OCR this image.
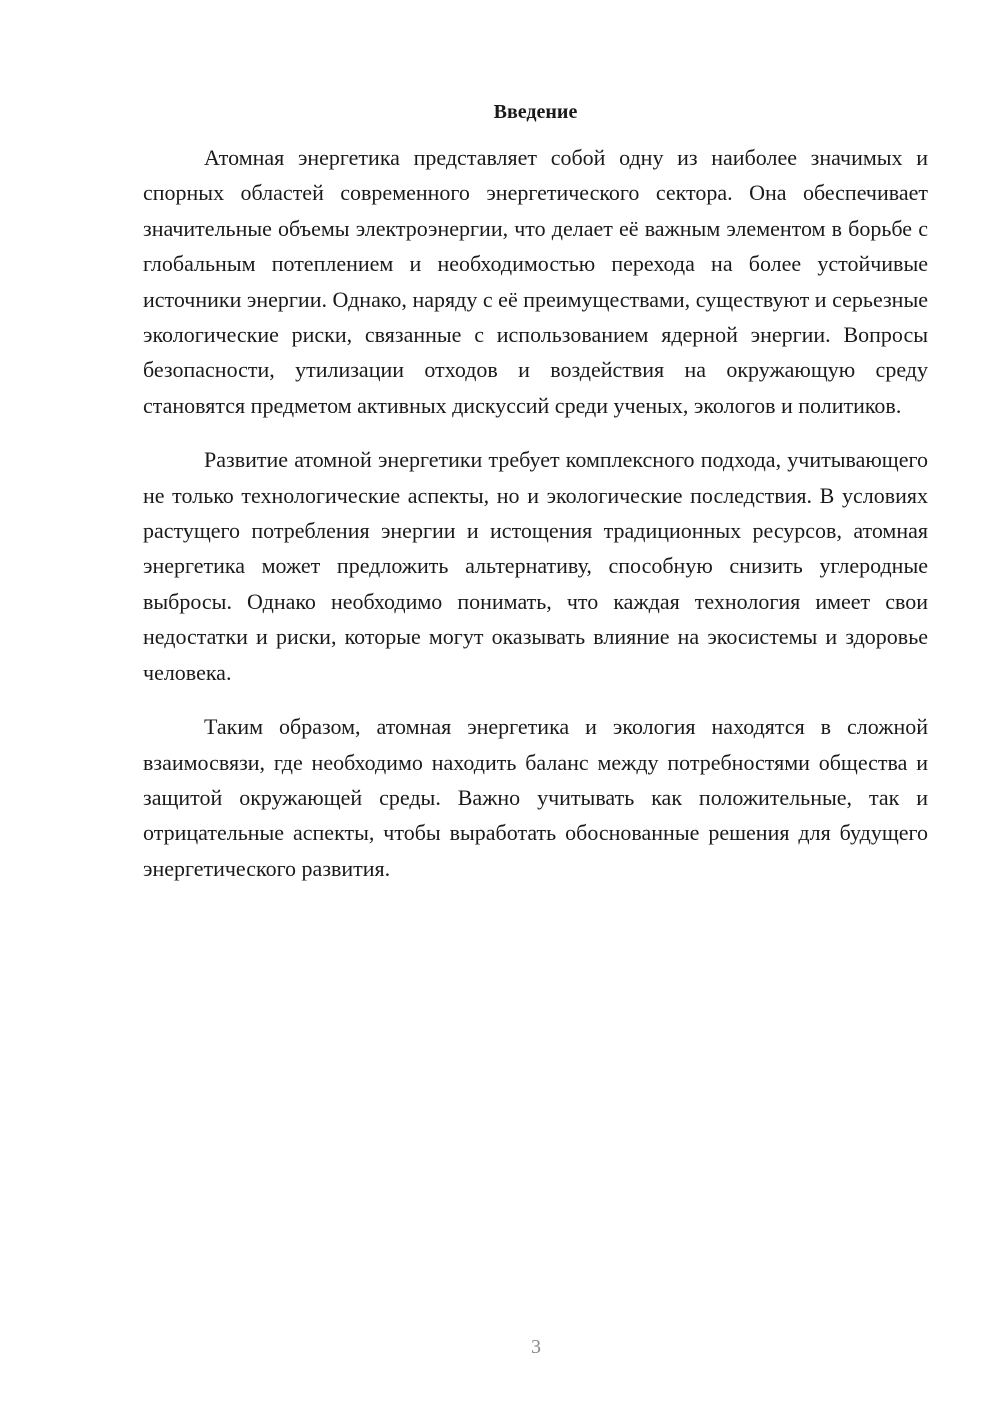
Введение

Атомная энергетика представляет собой одну из наиболее значимых и спорных областей современного энергетического сектора. Она обеспечивает значительные объемы электроэнергии, что делает её важным элементом в борьбе с глобальным потеплением и необходимостью перехода на более устойчивые источники энергии. Однако, наряду с её преимуществами, существуют и серьезные экологические риски, связанные с использованием ядерной энергии. Вопросы безопасности, утилизации отходов и воздействия на окружающую среду становятся предметом активных дискуссий среди ученых, экологов и политиков.

Развитие атомной энергетики требует комплексного подхода, учитывающего не только технологические аспекты, но и экологические последствия. В условиях растущего потребления энергии и истощения традиционных ресурсов, атомная энергетика может предложить альтернативу, способную снизить углеродные выбросы. Однако необходимо понимать, что каждая технология имеет свои недостатки и риски, которые могут оказывать влияние на экосистемы и здоровье человека.

Таким образом, атомная энергетика и экология находятся в сложной взаимосвязи, где необходимо находить баланс между потребностями общества и защитой окружающей среды. Важно учитывать как положительные, так и отрицательные аспекты, чтобы выработать обоснованные решения для будущего энергетического развития.

3
